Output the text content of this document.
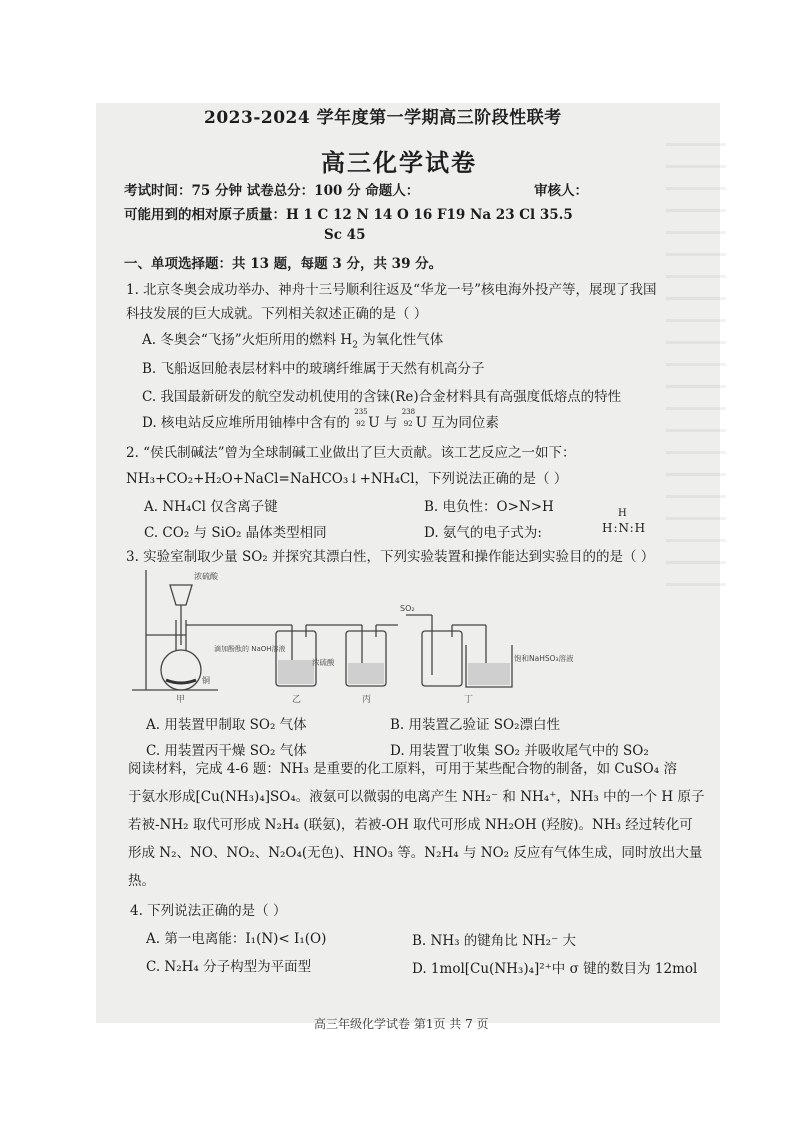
2023-2024 学年度第一学期高三阶段性联考
高三化学试卷
考试时间：75 分钟 试卷总分：100 分 命题人：	审核人：
可能用到的相对原子质量：H 1 C 12 N 14 O 16 F19 Na 23 Cl 35.5
Sc 45
一、单项选择题：共 13 题，每题 3 分，共 39 分。
1. 北京冬奥会成功举办、神舟十三号顺利往返及“华龙一号”核电海外投产等，展现了我国
科技发展的巨大成就。下列相关叙述正确的是（ ）
A. 冬奥会“飞扬”火炬所用的燃料 $H_2$ 为氧化性气体
B. 飞船返回舱表层材料中的玻璃纤维属于天然有机高分子
C. 我国最新研发的航空发动机使用的含铼(Re)合金材料具有高强度低熔点的特性
D. 核电站反应堆所用铀棒中含有的
235
92 U 与
238
92 U 互为同位素
2. “侯氏制碱法”曾为全球制碱工业做出了巨大贡献。该工艺反应之一如下：
NH₃+CO₂+H₂O+NaCl=NaHCO₃↓+NH₄Cl，下列说法正确的是（ ）
A. NH₄Cl 仅含离子键	B. 电负性：O>N>H
C. CO₂ 与 SiO₂ 晶体类型相同	D. 氨气的电子式为:
H
H:N:H
3. 实验室制取少量 SO₂ 并探究其漂白性，下列实验装置和操作能达到实验目的的是（ ）
浓硫酸
铜
滴加酚酞的 NaOH溶液
浓硫酸
SO₂
饱和NaHSO₃溶液
甲	乙	丙	丁
A. 用装置甲制取 SO₂ 气体	B. 用装置乙验证 SO₂漂白性
C. 用装置丙干燥 SO₂ 气体	D. 用装置丁收集 SO₂ 并吸收尾气中的 SO₂
阅读材料，完成 4-6 题：NH₃ 是重要的化工原料，可用于某些配合物的制备，如 CuSO₄ 溶
于氨水形成[Cu(NH₃)₄]SO₄。液氨可以微弱的电离产生 NH₂⁻ 和 NH₄⁺，NH₃ 中的一个 H 原子
若被-NH₂ 取代可形成 N₂H₄ (联氨)，若被-OH 取代可形成 NH₂OH (羟胺)。NH₃ 经过转化可
形成 N₂、NO、NO₂、N₂O₄(无色)、HNO₃ 等。N₂H₄ 与 NO₂ 反应有气体生成，同时放出大量
热。
4. 下列说法正确的是（ ）
A. 第一电离能：I₁(N)< I₁(O)	B. NH₃ 的键角比 NH₂⁻ 大
C. N₂H₄ 分子构型为平面型	D. 1mol[Cu(NH₃)₄]²⁺中 σ 键的数目为 12mol
高三年级化学试卷 第1页 共 7 页
